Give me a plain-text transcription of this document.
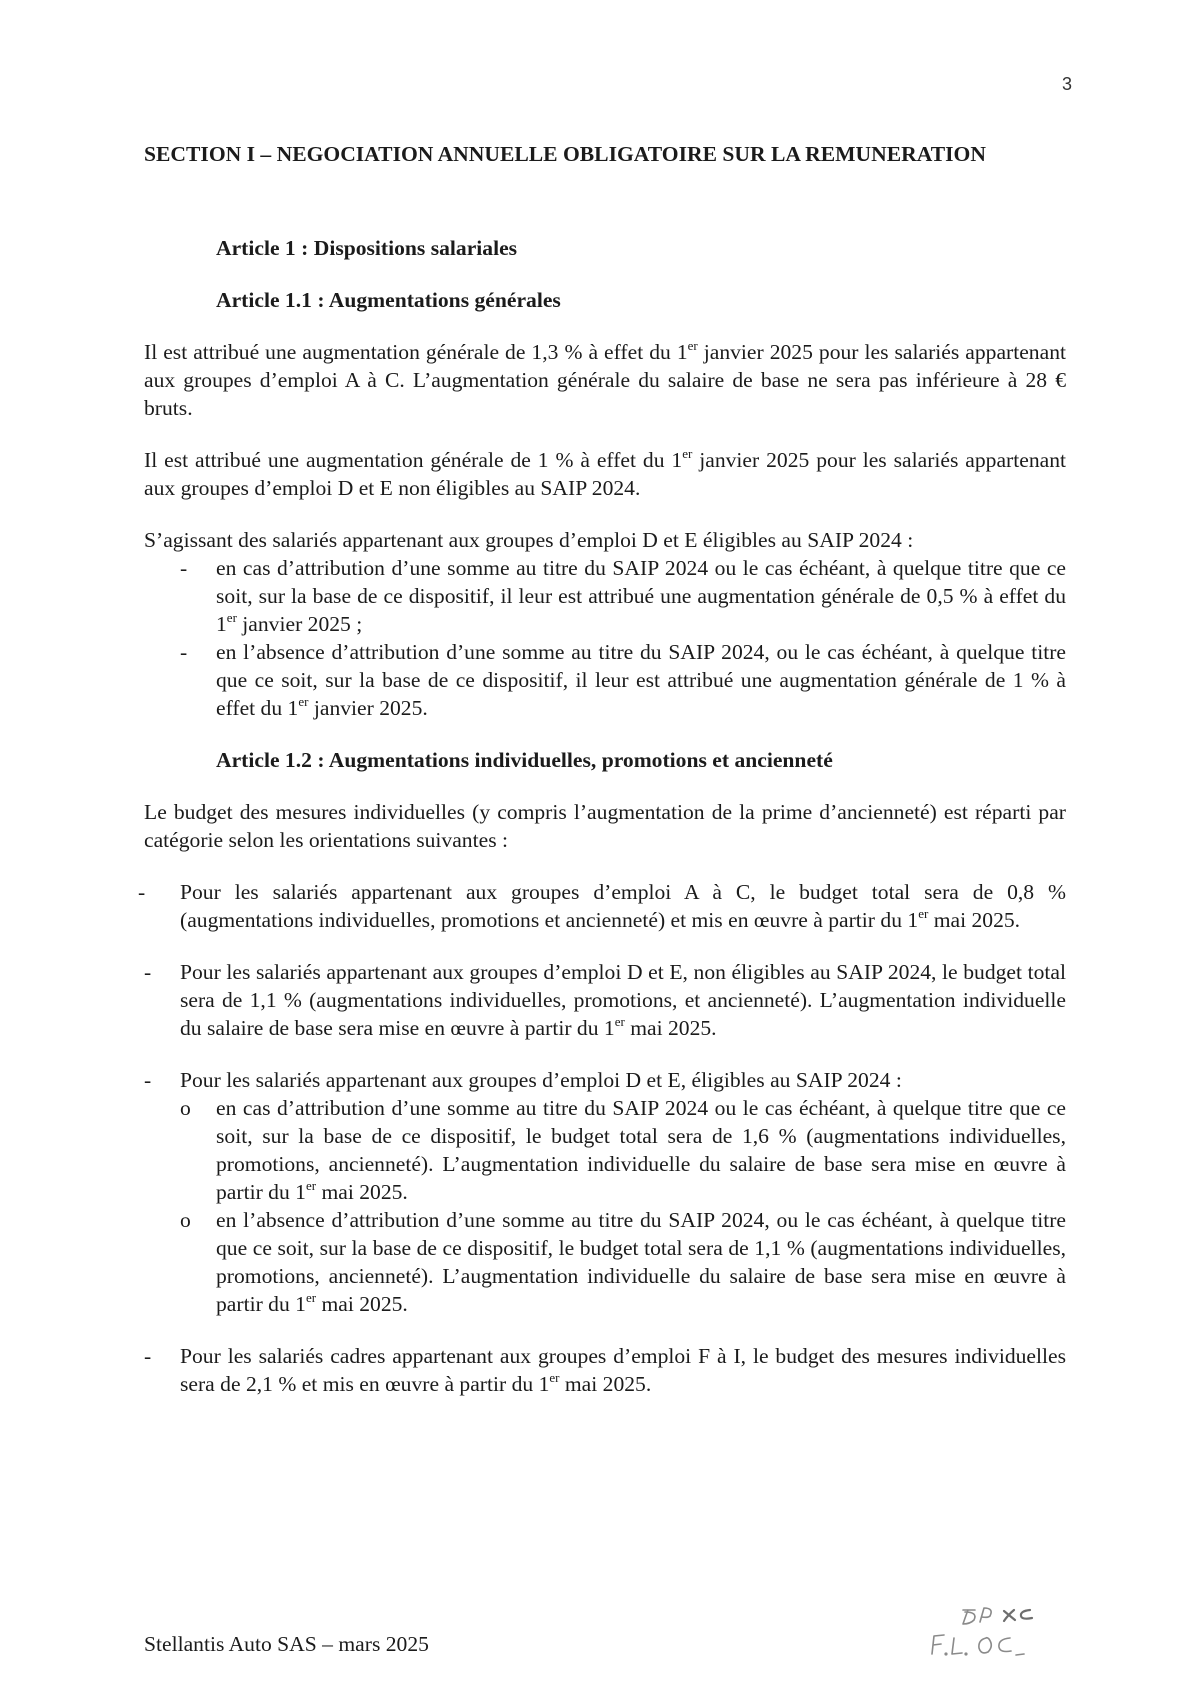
3
SECTION I – NEGOCIATION ANNUELLE OBLIGATOIRE SUR LA REMUNERATION
Article 1 : Dispositions salariales
Article 1.1 : Augmentations générales

Il est attribué une augmentation générale de 1,3 % à effet du 1er janvier 2025 pour les salariés appartenant aux groupes d’emploi A à C. L’augmentation générale du salaire de base ne sera pas inférieure à 28 € bruts.

Il est attribué une augmentation générale de 1 % à effet du 1er janvier 2025 pour les salariés appartenant aux groupes d’emploi D et E non éligibles au SAIP 2024.

S’agissant des salariés appartenant aux groupes d’emploi D et E éligibles au SAIP 2024 :

- en cas d’attribution d’une somme au titre du SAIP 2024 ou le cas échéant, à quelque titre que ce soit, sur la base de ce dispositif, il leur est attribué une augmentation générale de 0,5 % à effet du 1er janvier 2025 ;
- en l’absence d’attribution d’une somme au titre du SAIP 2024, ou le cas échéant, à quelque titre que ce soit, sur la base de ce dispositif, il leur est attribué une augmentation générale de 1 % à effet du 1er janvier 2025.
Article 1.2 : Augmentations individuelles, promotions et ancienneté

Le budget des mesures individuelles (y compris l’augmentation de la prime d’ancienneté) est réparti par catégorie selon les orientations suivantes :

- Pour les salariés appartenant aux groupes d’emploi A à C, le budget total sera de 0,8 % (augmentations individuelles, promotions et ancienneté) et mis en œuvre à partir du 1er mai 2025.
- Pour les salariés appartenant aux groupes d’emploi D et E, non éligibles au SAIP 2024, le budget total sera de 1,1 % (augmentations individuelles, promotions, et ancienneté). L’augmentation individuelle du salaire de base sera mise en œuvre à partir du 1er mai 2025.
- Pour les salariés appartenant aux groupes d’emploi D et E, éligibles au SAIP 2024 :
o en cas d’attribution d’une somme au titre du SAIP 2024 ou le cas échéant, à quelque titre que ce soit, sur la base de ce dispositif, le budget total sera de 1,6 % (augmentations individuelles, promotions, ancienneté). L’augmentation individuelle du salaire de base sera mise en œuvre à partir du 1er mai 2025.
o en l’absence d’attribution d’une somme au titre du SAIP 2024, ou le cas échéant, à quelque titre que ce soit, sur la base de ce dispositif, le budget total sera de 1,1 % (augmentations individuelles, promotions, ancienneté). L’augmentation individuelle du salaire de base sera mise en œuvre à partir du 1er mai 2025.
- Pour les salariés cadres appartenant aux groupes d’emploi F à I, le budget des mesures individuelles sera de 2,1 % et mis en œuvre à partir du 1er mai 2025.
Stellantis Auto SAS – mars 2025
